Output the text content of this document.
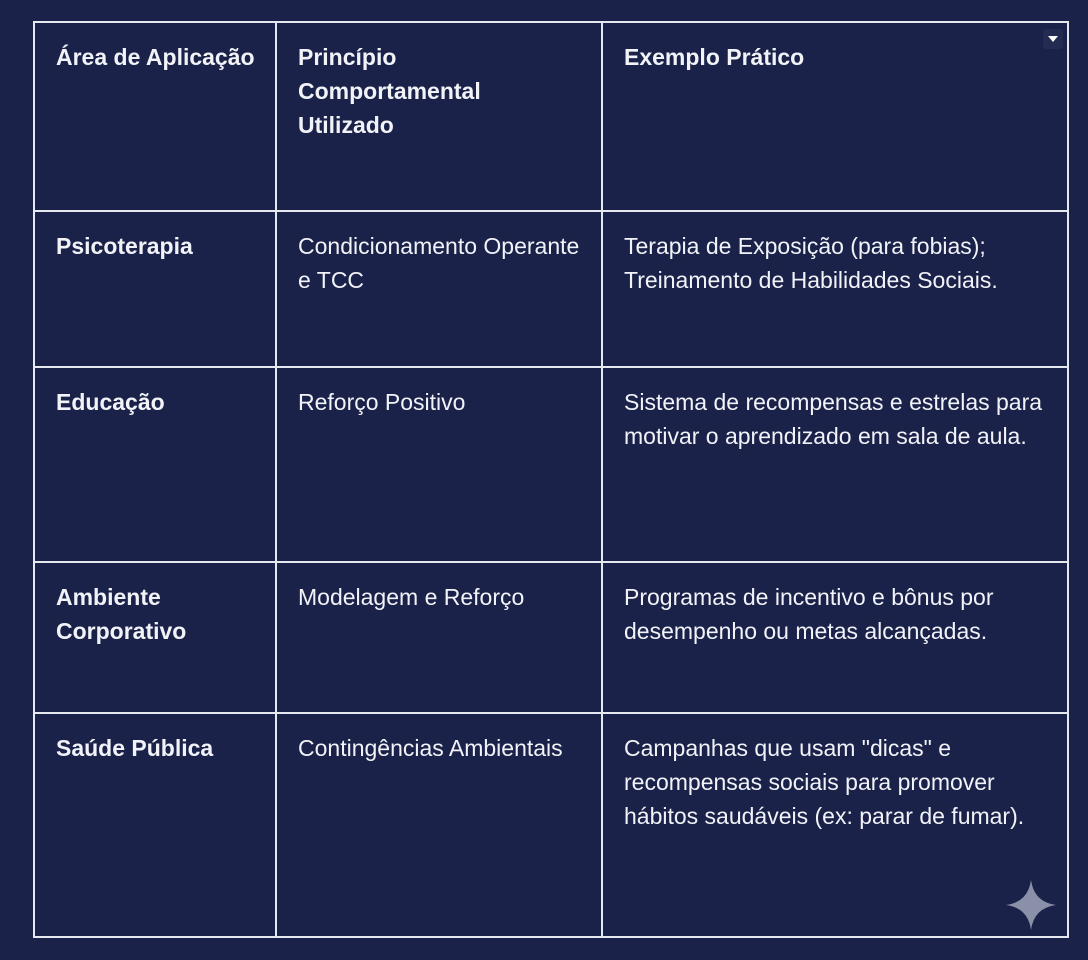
Área de Aplicação	Princípio Comportamental Utilizado	Exemplo Prático
Psicoterapia	Condicionamento Operante e TCC	Terapia de Exposição (para fobias); Treinamento de Habilidades Sociais.
Educação	Reforço Positivo	Sistema de recompensas e estrelas para motivar o aprendizado em sala de aula.
Ambiente Corporativo	Modelagem e Reforço	Programas de incentivo e bônus por desempenho ou metas alcançadas.
Saúde Pública	Contingências Ambientais	Campanhas que usam "dicas" e recompensas sociais para promover hábitos saudáveis (ex: parar de fumar).
